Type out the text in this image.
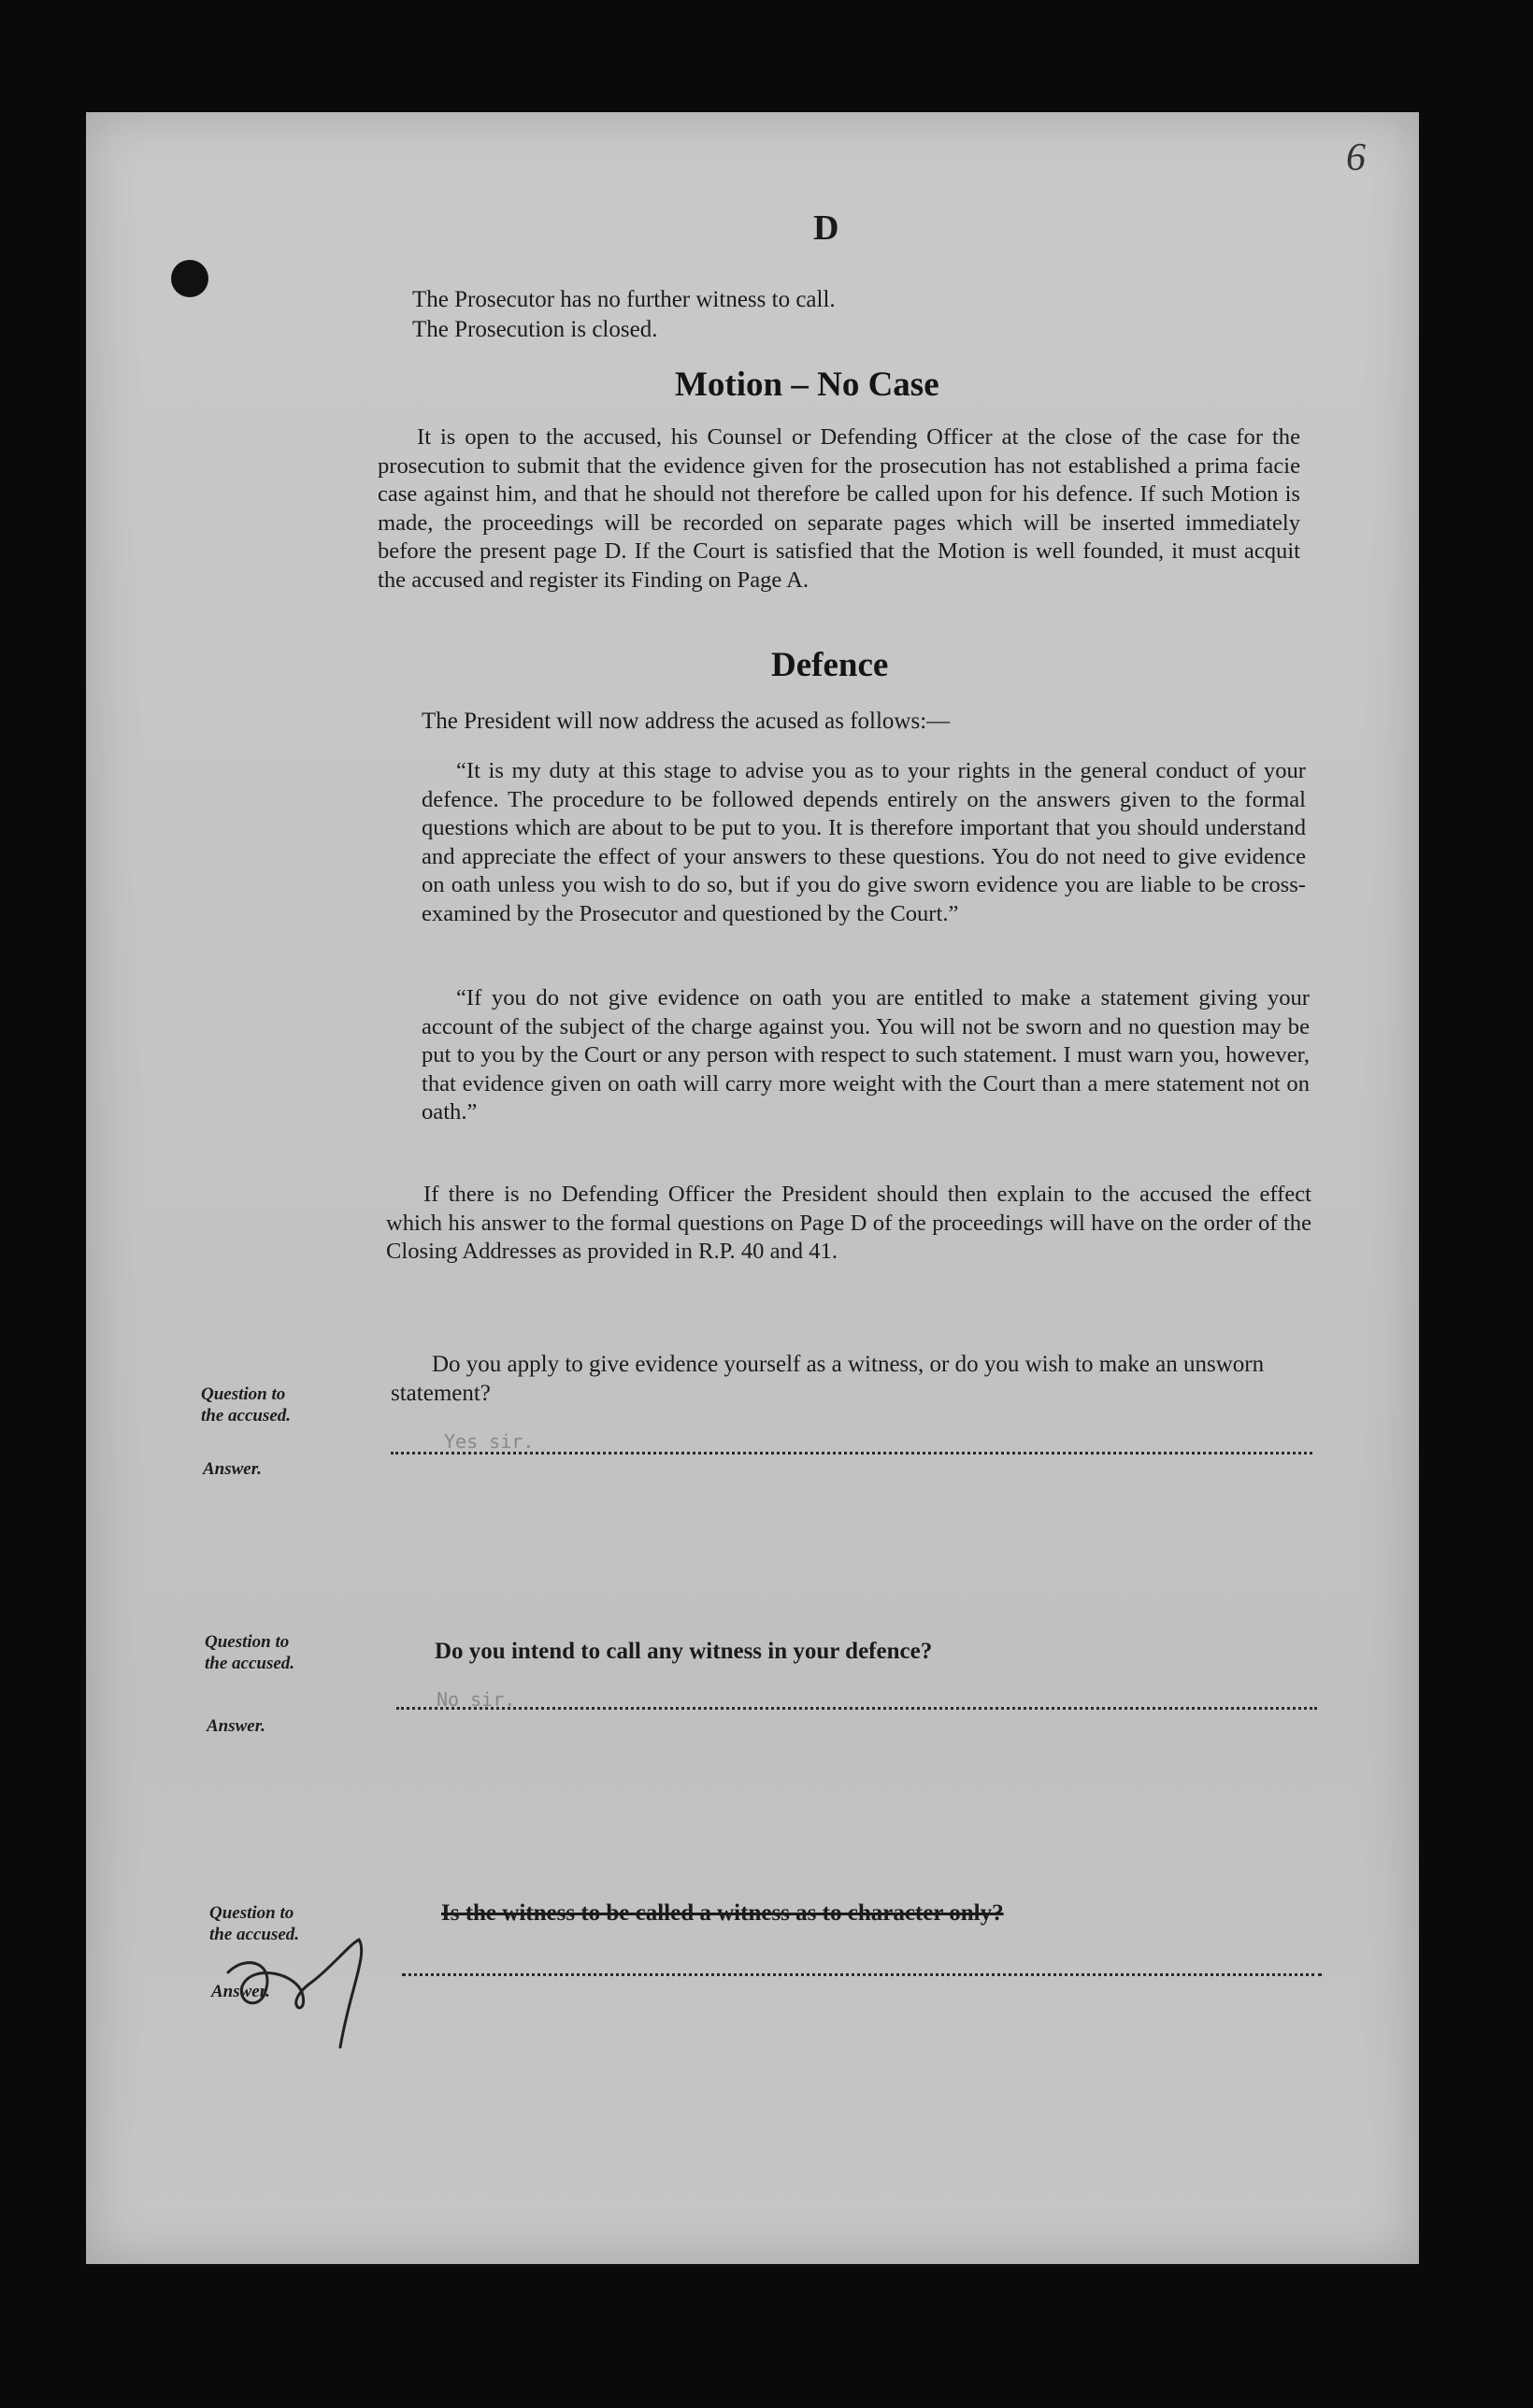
6
D
The Prosecutor has no further witness to call.
The Prosecution is closed.
Motion – No Case

It is open to the accused, his Counsel or Defending Officer at the close of the case for the prosecution to submit that the evidence given for the prosecution has not established a prima facie case against him, and that he should not therefore be called upon for his defence. If such Motion is made, the proceedings will be recorded on separate pages which will be inserted immediately before the present page D. If the Court is satisfied that the Motion is well founded, it must acquit the accused and register its Finding on Page A.

Defence
The President will now address the acused as follows:—

“It is my duty at this stage to advise you as to your rights in the general conduct of your defence. The procedure to be followed depends entirely on the answers given to the formal questions which are about to be put to you. It is therefore important that you should understand and appreciate the effect of your answers to these questions. You do not need to give evidence on oath unless you wish to do so, but if you do give sworn evidence you are liable to be cross-examined by the Prosecutor and questioned by the Court.”

“If you do not give evidence on oath you are entitled to make a statement giving your account of the subject of the charge against you. You will not be sworn and no question may be put to you by the Court or any person with respect to such statement. I must warn you, however, that evidence given on oath will carry more weight with the Court than a mere statement not on oath.”

If there is no Defending Officer the President should then explain to the accused the effect which his answer to the formal questions on Page D of the proceedings will have on the order of the Closing Addresses as provided in R.P. 40 and 41.

Question to
the accused.
Answer.
Do you apply to give evidence yourself as a witness, or do you wish to make an unsworn statement?
Yes sir.
Question to
the accused.
Answer.
Do you intend to call any witness in your defence?
No sir.
Question to
the accused.
Answer.
Is the witness to be called a witness as to character only?
